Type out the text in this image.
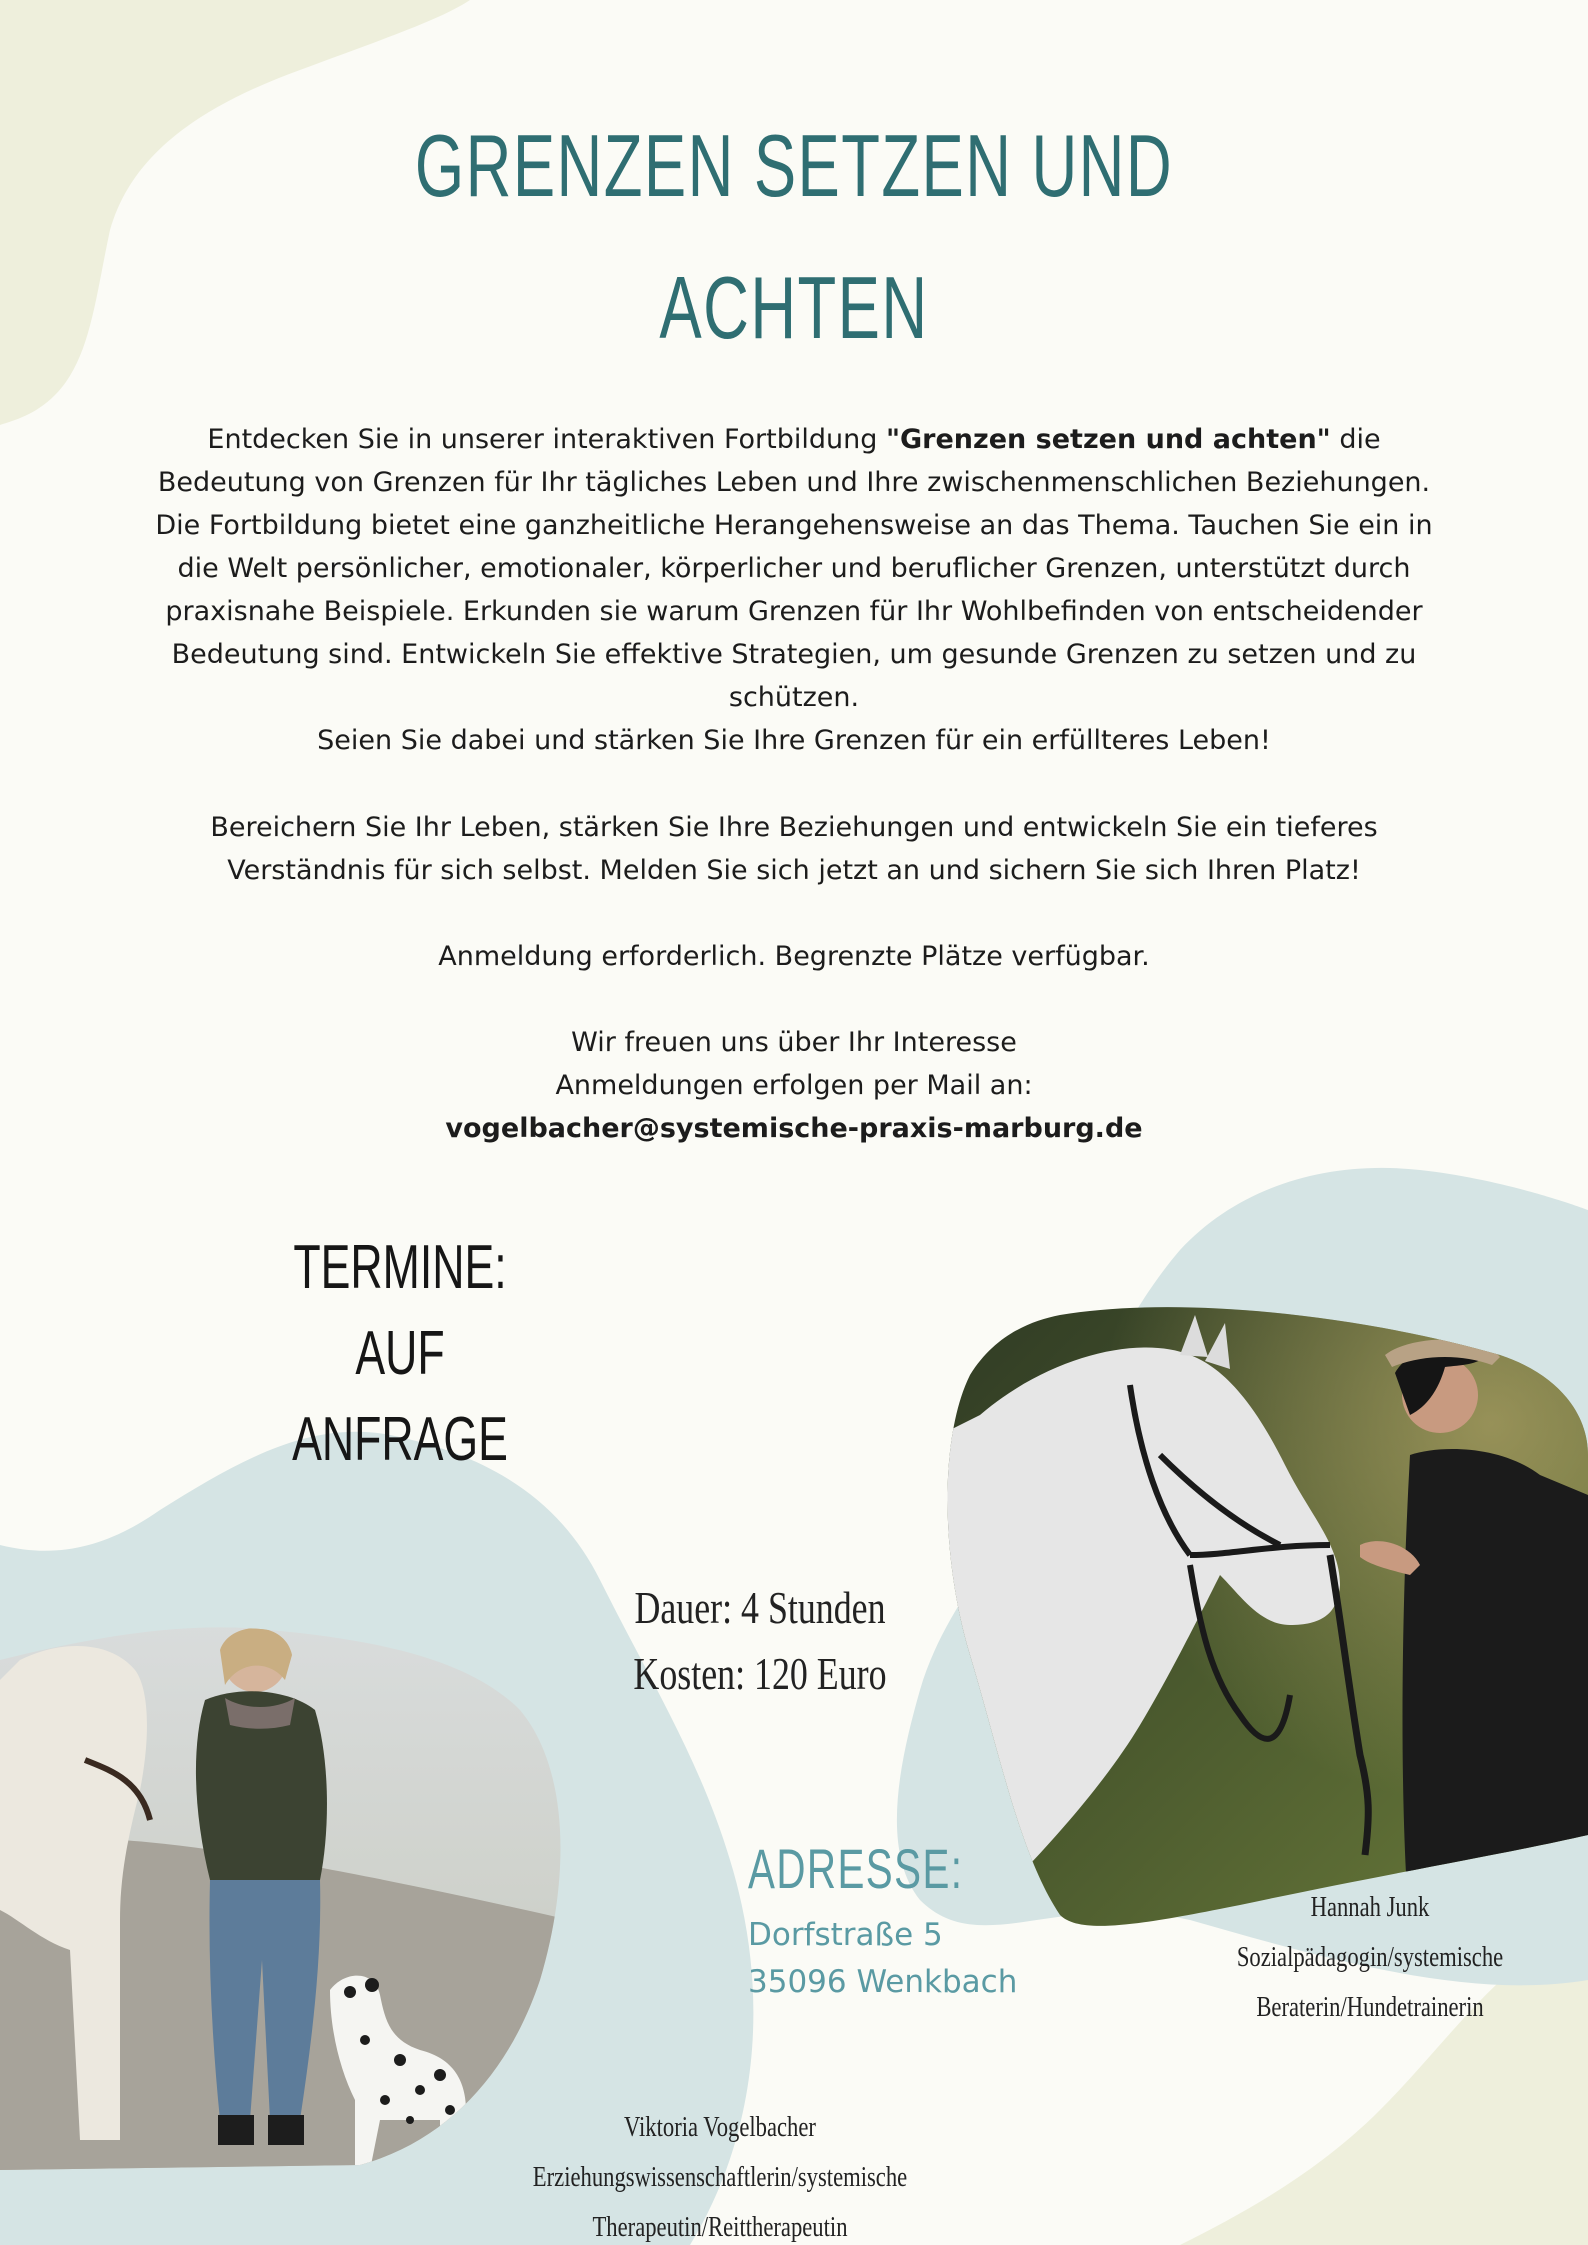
GRENZEN SETZEN UND
ACHTEN

Entdecken Sie in unserer interaktiven Fortbildung "Grenzen setzen und achten" die Bedeutung von Grenzen für Ihr tägliches Leben und Ihre zwischenmenschlichen Beziehungen. Die Fortbildung bietet eine ganzheitliche Herangehensweise an das Thema. Tauchen Sie ein in die Welt persönlicher, emotionaler, körperlicher und beruflicher Grenzen, unterstützt durch praxisnahe Beispiele. Erkunden sie warum Grenzen für Ihr Wohlbefinden von entscheidender Bedeutung sind. Entwickeln Sie effektive Strategien, um gesunde Grenzen zu setzen und zu schützen.

Seien Sie dabei und stärken Sie Ihre Grenzen für ein erfüllteres Leben!

Bereichern Sie Ihr Leben, stärken Sie Ihre Beziehungen und entwickeln Sie ein tieferes

Verständnis für sich selbst. Melden Sie sich jetzt an und sichern Sie sich Ihren Platz!

Anmeldung erforderlich. Begrenzte Plätze verfügbar.

Wir freuen uns über Ihr Interesse

Anmeldungen erfolgen per Mail an:

vogelbacher@systemische-praxis-marburg.de

TERMINE:
AUF ANFRAGE
Dauer: 4 Stunden
Kosten: 120 Euro
ADRESSE:
Dorfstraße 5
35096 Wenkbach
Hannah Junk
Sozialpädagogin/systemische
Beraterin/Hundetrainerin
Viktoria Vogelbacher
Erziehungswissenschaftlerin/systemische
Therapeutin/Reittherapeutin
